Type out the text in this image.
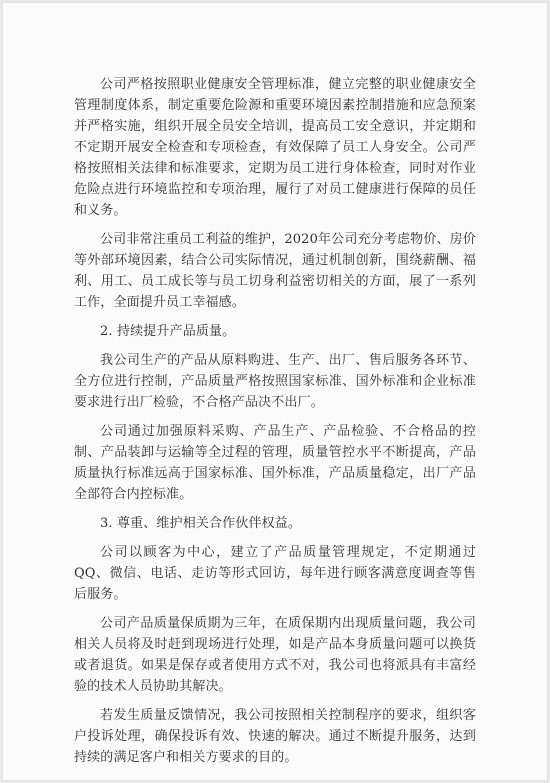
公司严格按照职业健康安全管理标准，健立完整的职业健康安全管理制度体系，制定重要危险源和重要环境因素控制措施和应急预案并严格实施，组织开展全员安全培训，提高员工安全意识，并定期和不定期开展安全检查和专项检查，有效保障了员工人身安全。公司严格按照相关法律和标准要求，定期为员工进行身体检查，同时对作业危险点进行环境监控和专项治理，履行了对员工健康进行保障的员任和义务。

公司非常注重员工利益的维护，2020年公司充分考虑物价、房价等外部环境因素，结合公司实际情况，通过机制创新，围绕薪酬、福利、用工、员工成长等与员工切身利益密切相关的方面，展了一系列工作，全面提升员工幸福感。

2. 持续提升产品质量。

我公司生产的产品从原料购进、生产、出厂、售后服务各环节、全方位进行控制，产品质量严格按照国家标准、国外标准和企业标准要求进行出厂检验，不合格产品决不出厂。

公司通过加强原料采购、产品生产、产品检验、不合格品的控制、产品装卸与运输等全过程的管理，质量管控水平不断提高，产品质量执行标准远高于国家标准、国外标准，产品质量稳定，出厂产品全部符合内控标准。

3. 尊重、维护相关合作伙伴权益。

公司以顾客为中心，建立了产品质量管理规定，不定期通过QQ、微信、电话、走访等形式回访，每年进行顾客满意度调查等售后服务。

公司产品质量保质期为三年，在质保期内出现质量问题，我公司相关人员将及时赶到现场进行处理，如是产品本身质量问题可以换货或者退货。如果是保存或者使用方式不对，我公司也将派具有丰富经验的技术人员协助其解决。

若发生质量反馈情况，我公司按照相关控制程序的要求，组织客户投诉处理，确保投诉有效、快速的解决。通过不断提升服务，达到持续的满足客户和相关方要求的目的。
